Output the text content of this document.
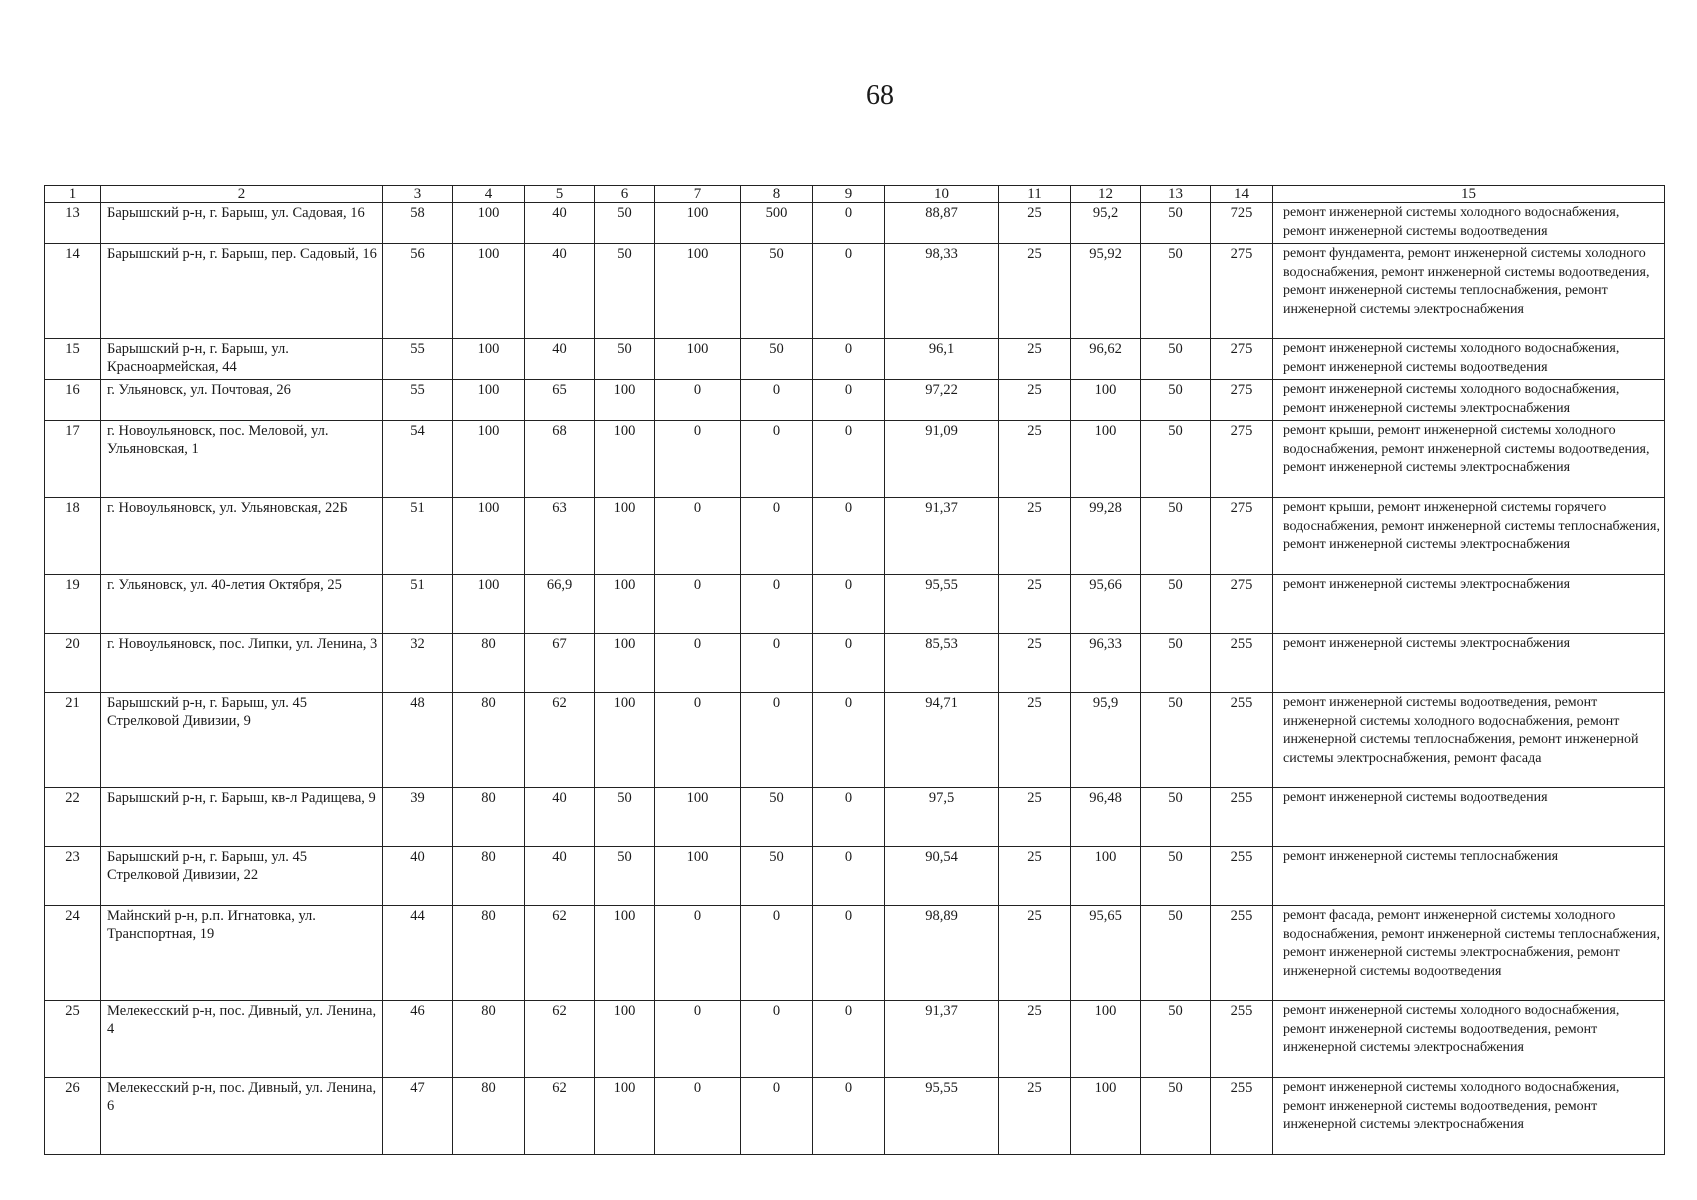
68
1	2	3	4	5	6	7	8	9	10	11	12	13	14	15
13	Барышский р-н, г. Барыш, ул. Садовая, 16	58	100	40	50	100	500	0	88,87	25	95,2	50	725	ремонт инженерной системы холодного водоснабжения, ремонт инженерной системы водоотведения
14	Барышский р-н, г. Барыш, пер. Садовый, 16	56	100	40	50	100	50	0	98,33	25	95,92	50	275	ремонт фундамента, ремонт инженерной системы холодного водоснабжения, ремонт инженерной системы водоотведения, ремонт инженерной системы теплоснабжения, ремонт инженерной системы электроснабжения
15	Барышский р-н, г. Барыш, ул. Красноармейская, 44	55	100	40	50	100	50	0	96,1	25	96,62	50	275	ремонт инженерной системы холодного водоснабжения, ремонт инженерной системы водоотведения
16	г. Ульяновск, ул. Почтовая, 26	55	100	65	100	0	0	0	97,22	25	100	50	275	ремонт инженерной системы холодного водоснабжения, ремонт инженерной системы электроснабжения
17	г. Новоульяновск, пос. Меловой, ул. Ульяновская, 1	54	100	68	100	0	0	0	91,09	25	100	50	275	ремонт крыши, ремонт инженерной системы холодного водоснабжения, ремонт инженерной системы водоотведения, ремонт инженерной системы электроснабжения
18	г. Новоульяновск, ул. Ульяновская, 22Б	51	100	63	100	0	0	0	91,37	25	99,28	50	275	ремонт крыши, ремонт инженерной системы горячего водоснабжения, ремонт инженерной системы теплоснабжения, ремонт инженерной системы электроснабжения
19	г. Ульяновск, ул. 40-летия Октября, 25	51	100	66,9	100	0	0	0	95,55	25	95,66	50	275	ремонт инженерной системы электроснабжения
20	г. Новоульяновск, пос. Липки, ул. Ленина, 3	32	80	67	100	0	0	0	85,53	25	96,33	50	255	ремонт инженерной системы электроснабжения
21	Барышский р-н, г. Барыш, ул. 45 Стрелковой Дивизии, 9	48	80	62	100	0	0	0	94,71	25	95,9	50	255	ремонт инженерной системы водоотведения, ремонт инженерной системы холодного водоснабжения, ремонт инженерной системы теплоснабжения, ремонт инженерной системы электроснабжения, ремонт фасада
22	Барышский р-н, г. Барыш, кв-л Радищева, 9	39	80	40	50	100	50	0	97,5	25	96,48	50	255	ремонт инженерной системы водоотведения
23	Барышский р-н, г. Барыш, ул. 45 Стрелковой Дивизии, 22	40	80	40	50	100	50	0	90,54	25	100	50	255	ремонт инженерной системы теплоснабжения
24	Майнский р-н, р.п. Игнатовка, ул. Транспортная, 19	44	80	62	100	0	0	0	98,89	25	95,65	50	255	ремонт фасада, ремонт инженерной системы холодного водоснабжения, ремонт инженерной системы теплоснабжения, ремонт инженерной системы электроснабжения, ремонт инженерной системы водоотведения
25	Мелекесский р-н, пос. Дивный, ул. Ленина, 4	46	80	62	100	0	0	0	91,37	25	100	50	255	ремонт инженерной системы холодного водоснабжения, ремонт инженерной системы водоотведения, ремонт инженерной системы электроснабжения
26	Мелекесский р-н, пос. Дивный, ул. Ленина, 6	47	80	62	100	0	0	0	95,55	25	100	50	255	ремонт инженерной системы холодного водоснабжения, ремонт инженерной системы водоотведения, ремонт инженерной системы электроснабжения
